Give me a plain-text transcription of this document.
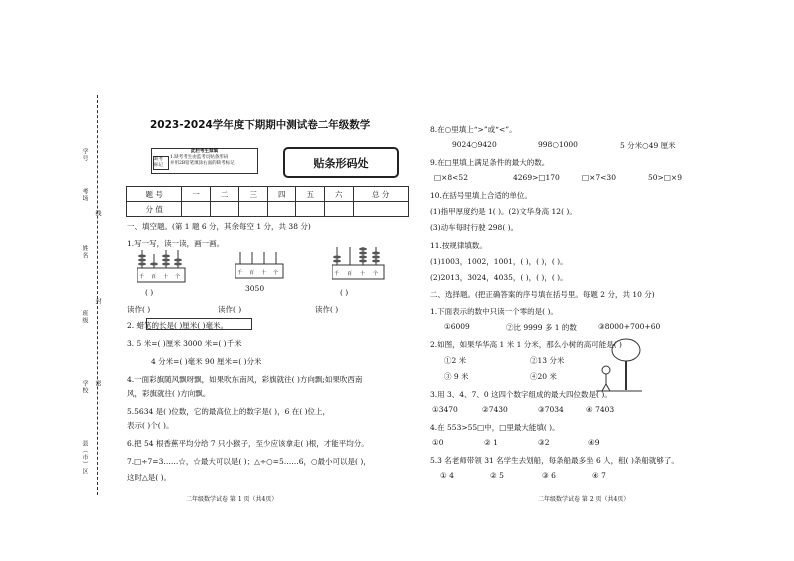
学号
考场
姓名
班级
学校
县（市）区
线
封
密
2023-2024学年度下期期中测试卷二年级数学
此栏考生禁填
缺考
标记
1.缺考考生由监考员贴条形码
并用2B铅笔填涂右面的缺考标记	贴条形码处
题 号	一	二	三	四	五	六	总 分
分 值							
一、填空题。(第 1 题 6 分，其余每空 1 分，共 38 分)
1.写一写，读一读，画一画。
千 百 十 个
千 百 十 个	千 百 十 个
( )	3050	( )
读作( )	读作( )	读作( )
2. 蜡笔的长是( )厘米( )毫米。
3. 5 米=( )厘米 3000 米=( )千米
4 分米=( )毫米 90 厘米=( )分米
4.一面彩旗随风飘呀飘，如果吹东南风，彩旗就往( )方向飘;如果吹西南
风，彩旗就往( )方向飘。
5.5634 是( )位数，它的最高位上的数字是( )，6 在( )位上，
表示( )个( )。
6.把 54 根香蕉平均分给 7 只小猴子，至少应该拿走( )根，才能平均分。
7.□÷7=3……☆，☆最大可以是( )；△÷○=5……6，○最小可以是( )，
这时△是( )。
二年级数学试卷 第 1 页（共4页）
8.在○里填上“>”或“<”。
9024○9420	998○1000	5 分米○49 厘米
9.在□里填上满足条件的最大的数。
□×8<52	4269>□170	□×7<30	50>□×9
10.在括号里填上合适的单位。
(1)指甲厚度约是 1( )。(2)文华身高 12( )。
(3)动车每时行驶 298( )。
11.按规律填数。
(1)1003，1002，1001，( )，( )，( )。
(2)2013，3024，4035，( )，( )，( )。
二、选择题。(把正确答案的序号填在括号里。每题 2 分，共 10 分)
1.下面表示的数中只读一个零的是( )。
①6009	②比 9999 多 1 的数	③8000+700+60
2.如图，如果华华高 1 米 1 分米，那么小树的高可能是( )
①2 米	②13 分米
③ 9 米	④20 米
3.用 3、4、7、0 这四个数字组成的最大四位数是( )。
①3470	②7430	③7034	④ 7403
4.在 553>55□中，□里最大能填( )。
①0	② 1	③2	④9
5.3 名老师带领 31 名学生去划船，每条船最多坐 6 人，租( )条船就够了。
① 4	② 5	③ 6	④ 7
二年级数学试卷 第 2 页（共4页）
